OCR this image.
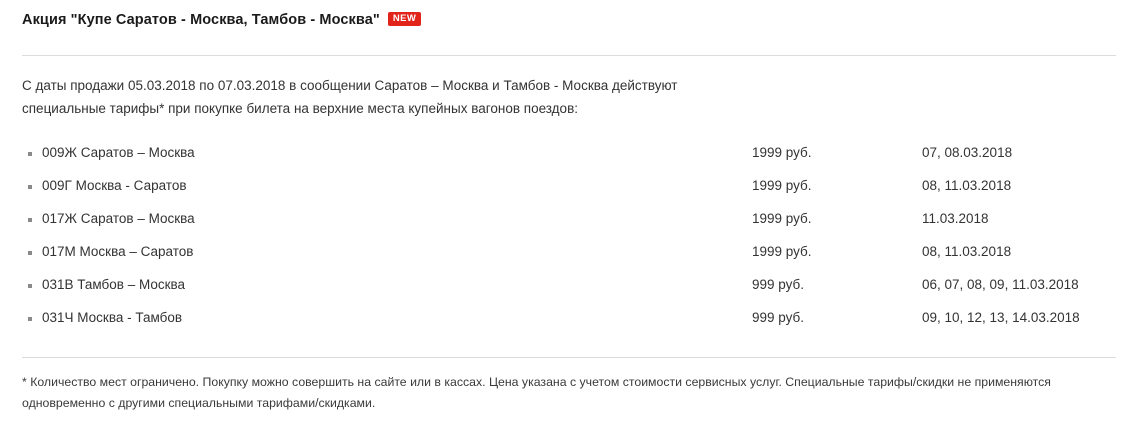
Акция "Купе Саратов - Москва, Тамбов - Москва"	NEW
С даты продажи 05.03.2018 по 07.03.2018 в сообщении Саратов – Москва и Тамбов - Москва действуют специальные тарифы* при покупке билета на верхние места купейных вагонов поездов:
009Ж Саратов – Москва	1999 руб.	07, 08.03.2018

009Г Москва - Саратов	1999 руб.	08, 11.03.2018

017Ж Саратов – Москва	1999 руб.	11.03.2018

017М Москва – Саратов	1999 руб.	08, 11.03.2018

031В Тамбов – Москва	999 руб.	06, 07, 08, 09, 11.03.2018

031Ч Москва - Тамбов	999 руб.	09, 10, 12, 13, 14.03.2018
* Количество мест ограничено. Покупку можно совершить на сайте или в кассах. Цена указана с учетом стоимости сервисных услуг. Специальные тарифы/скидки не применяются одновременно с другими специальными тарифами/скидками.
